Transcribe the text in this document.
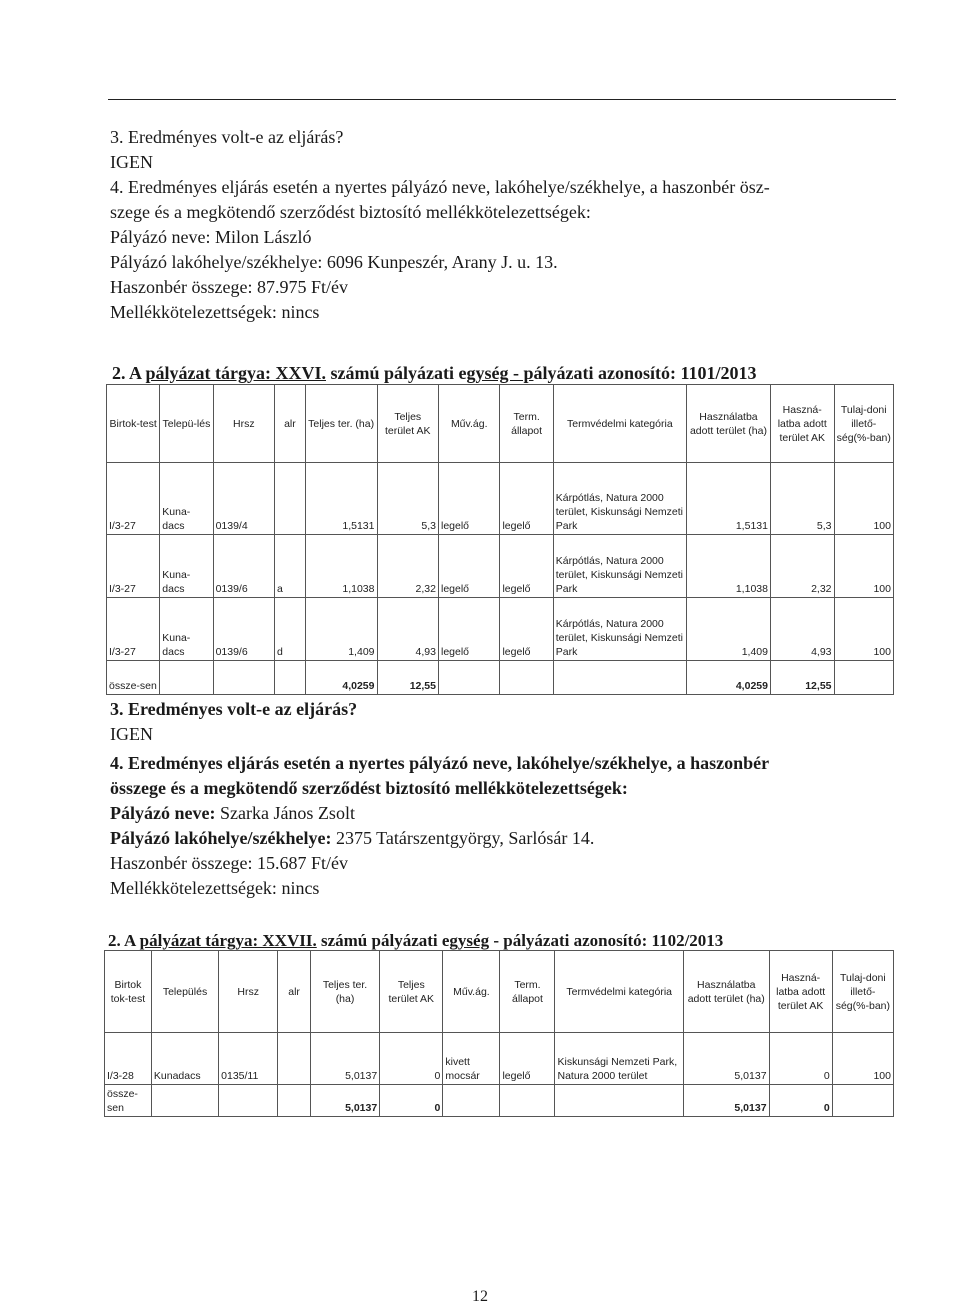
3. Eredményes volt-e az eljárás?
IGEN
4. Eredményes eljárás esetén a nyertes pályázó neve, lakóhelye/székhelye, a haszonbér ösz-
szege és a megkötendő szerződést biztosító mellékkötelezettségek:
Pályázó neve: Milon László
Pályázó lakóhelye/székhelye: 6096 Kunpeszér, Arany J. u. 13.
Haszonbér összege: 87.975 Ft/év
Mellékkötelezettségek: nincs
2. A pályázat tárgya: XXVI. számú pályázati egység - pályázati azonosító: 1101/2013
Birtok-test	Telepü-lés	Hrsz	alr	Teljes ter. (ha)	Teljes terület AK	Műv.ág.	Term. állapot	Termvédelmi kategória	Használatba adott terület (ha)	Haszná-latba adott terület AK	Tulaj-doni illető-ség(%-ban)
I/3-27	Kuna-dacs	0139/4		1,5131	5,3	legelő	legelő	Kárpótlás, Natura 2000 terület, Kiskunsági Nemzeti Park	1,5131	5,3	100
I/3-27	Kuna-dacs	0139/6	a	1,1038	2,32	legelő	legelő	Kárpótlás, Natura 2000 terület, Kiskunsági Nemzeti Park	1,1038	2,32	100
I/3-27	Kuna-dacs	0139/6	d	1,409	4,93	legelő	legelő	Kárpótlás, Natura 2000 terület, Kiskunsági Nemzeti Park	1,409	4,93	100
össze-sen				4,0259	12,55				4,0259	12,55	
3. Eredményes volt-e az eljárás?
IGEN
4. Eredményes eljárás esetén a nyertes pályázó neve, lakóhelye/székhelye, a haszonbér
összege és a megkötendő szerződést biztosító mellékkötelezettségek:
Pályázó neve: Szarka János Zsolt
Pályázó lakóhelye/székhelye: 2375 Tatárszentgyörgy, Sarlósár 14.
Haszonbér összege: 15.687 Ft/év
Mellékkötelezettségek: nincs
2. A pályázat tárgya: XXVII. számú pályázati egység - pályázati azonosító: 1102/2013
Birtok tok-test	Település	Hrsz	alr	Teljes ter. (ha)	Teljes terület AK	Műv.ág.	Term. állapot	Termvédelmi kategória	Használatba adott terület (ha)	Haszná-latba adott terület AK	Tulaj-doni illető-ség(%-ban)
I/3-28	Kunadacs	0135/11		5,0137	0	kivett mocsár	legelő	Kiskunsági Nemzeti Park, Natura 2000 terület	5,0137	0	100
össze-sen				5,0137	0				5,0137	0	
12
